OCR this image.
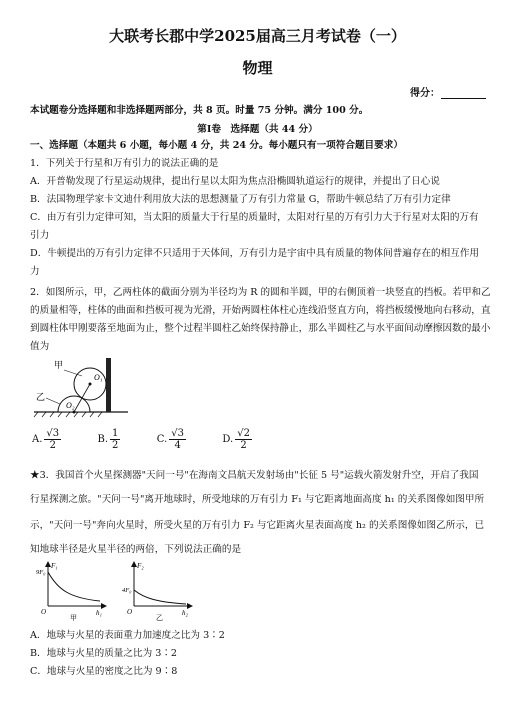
大联考长郡中学2025届高三月考试卷（一）
物理
得分：
本试题卷分选择题和非选择题两部分，共 8 页。时量 75 分钟。满分 100 分。
第Ⅰ卷　选择题（共 44 分）
一、选择题（本题共 6 小题，每小题 4 分，共 24 分。每小题只有一项符合题目要求）
1．下列关于行星和万有引力的说法正确的是
A．开普勒发现了行星运动规律，提出行星以太阳为焦点沿椭圆轨道运行的规律，并提出了日心说
B．法国物理学家卡文迪什利用放大法的思想测量了万有引力常量 G，帮助牛顿总结了万有引力定律
C．由万有引力定律可知，当太阳的质量大于行星的质量时，太阳对行星的万有引力大于行星对太阳的万有
引力
D．牛顿提出的万有引力定律不只适用于天体间，万有引力是宇宙中具有质量的物体间普遍存在的相互作用
力
2．如图所示，甲，乙两柱体的截面分别为半径均为 R 的圆和半圆，甲的右侧顶着一块竖直的挡板。若甲和乙的质量相等，柱体的曲面和挡板可视为光滑，开始两圆柱体柱心连线沿竖直方向，将挡板缓慢地向右移动，直到圆柱体甲刚要落至地面为止，整个过程半圆柱乙始终保持静止，那么半圆柱乙与水平面间动摩擦因数的最小值为
O₁
O₂
甲
乙
A. $\frac{√3}{2}$	B. $\frac{1}{2}$	C. $\frac{√3}{4}$	D. $\frac{√2}{2}$
★3．我国首个火星探测器"天问一号"在海南文昌航天发射场由"长征 5 号"运载火箭发射升空，开启了我国
行星探测之旅。"天问一号"离开地球时，所受地球的万有引力 F₁ 与它距离地面高度 h₁ 的关系图像如图甲所
示，"天问一号"奔向火星时，所受火星的万有引力 F₂ 与它距离火星表面高度 h₂ 的关系图像如图乙所示，已
知地球半径是火星半径的两倍，下列说法正确的是
F₁
9F₀
O	h₁
甲
F₂
4F₀
O	h₂
乙
A．地球与火星的表面重力加速度之比为 3∶2
B．地球与火星的质量之比为 3∶2
C．地球与火星的密度之比为 9∶8
